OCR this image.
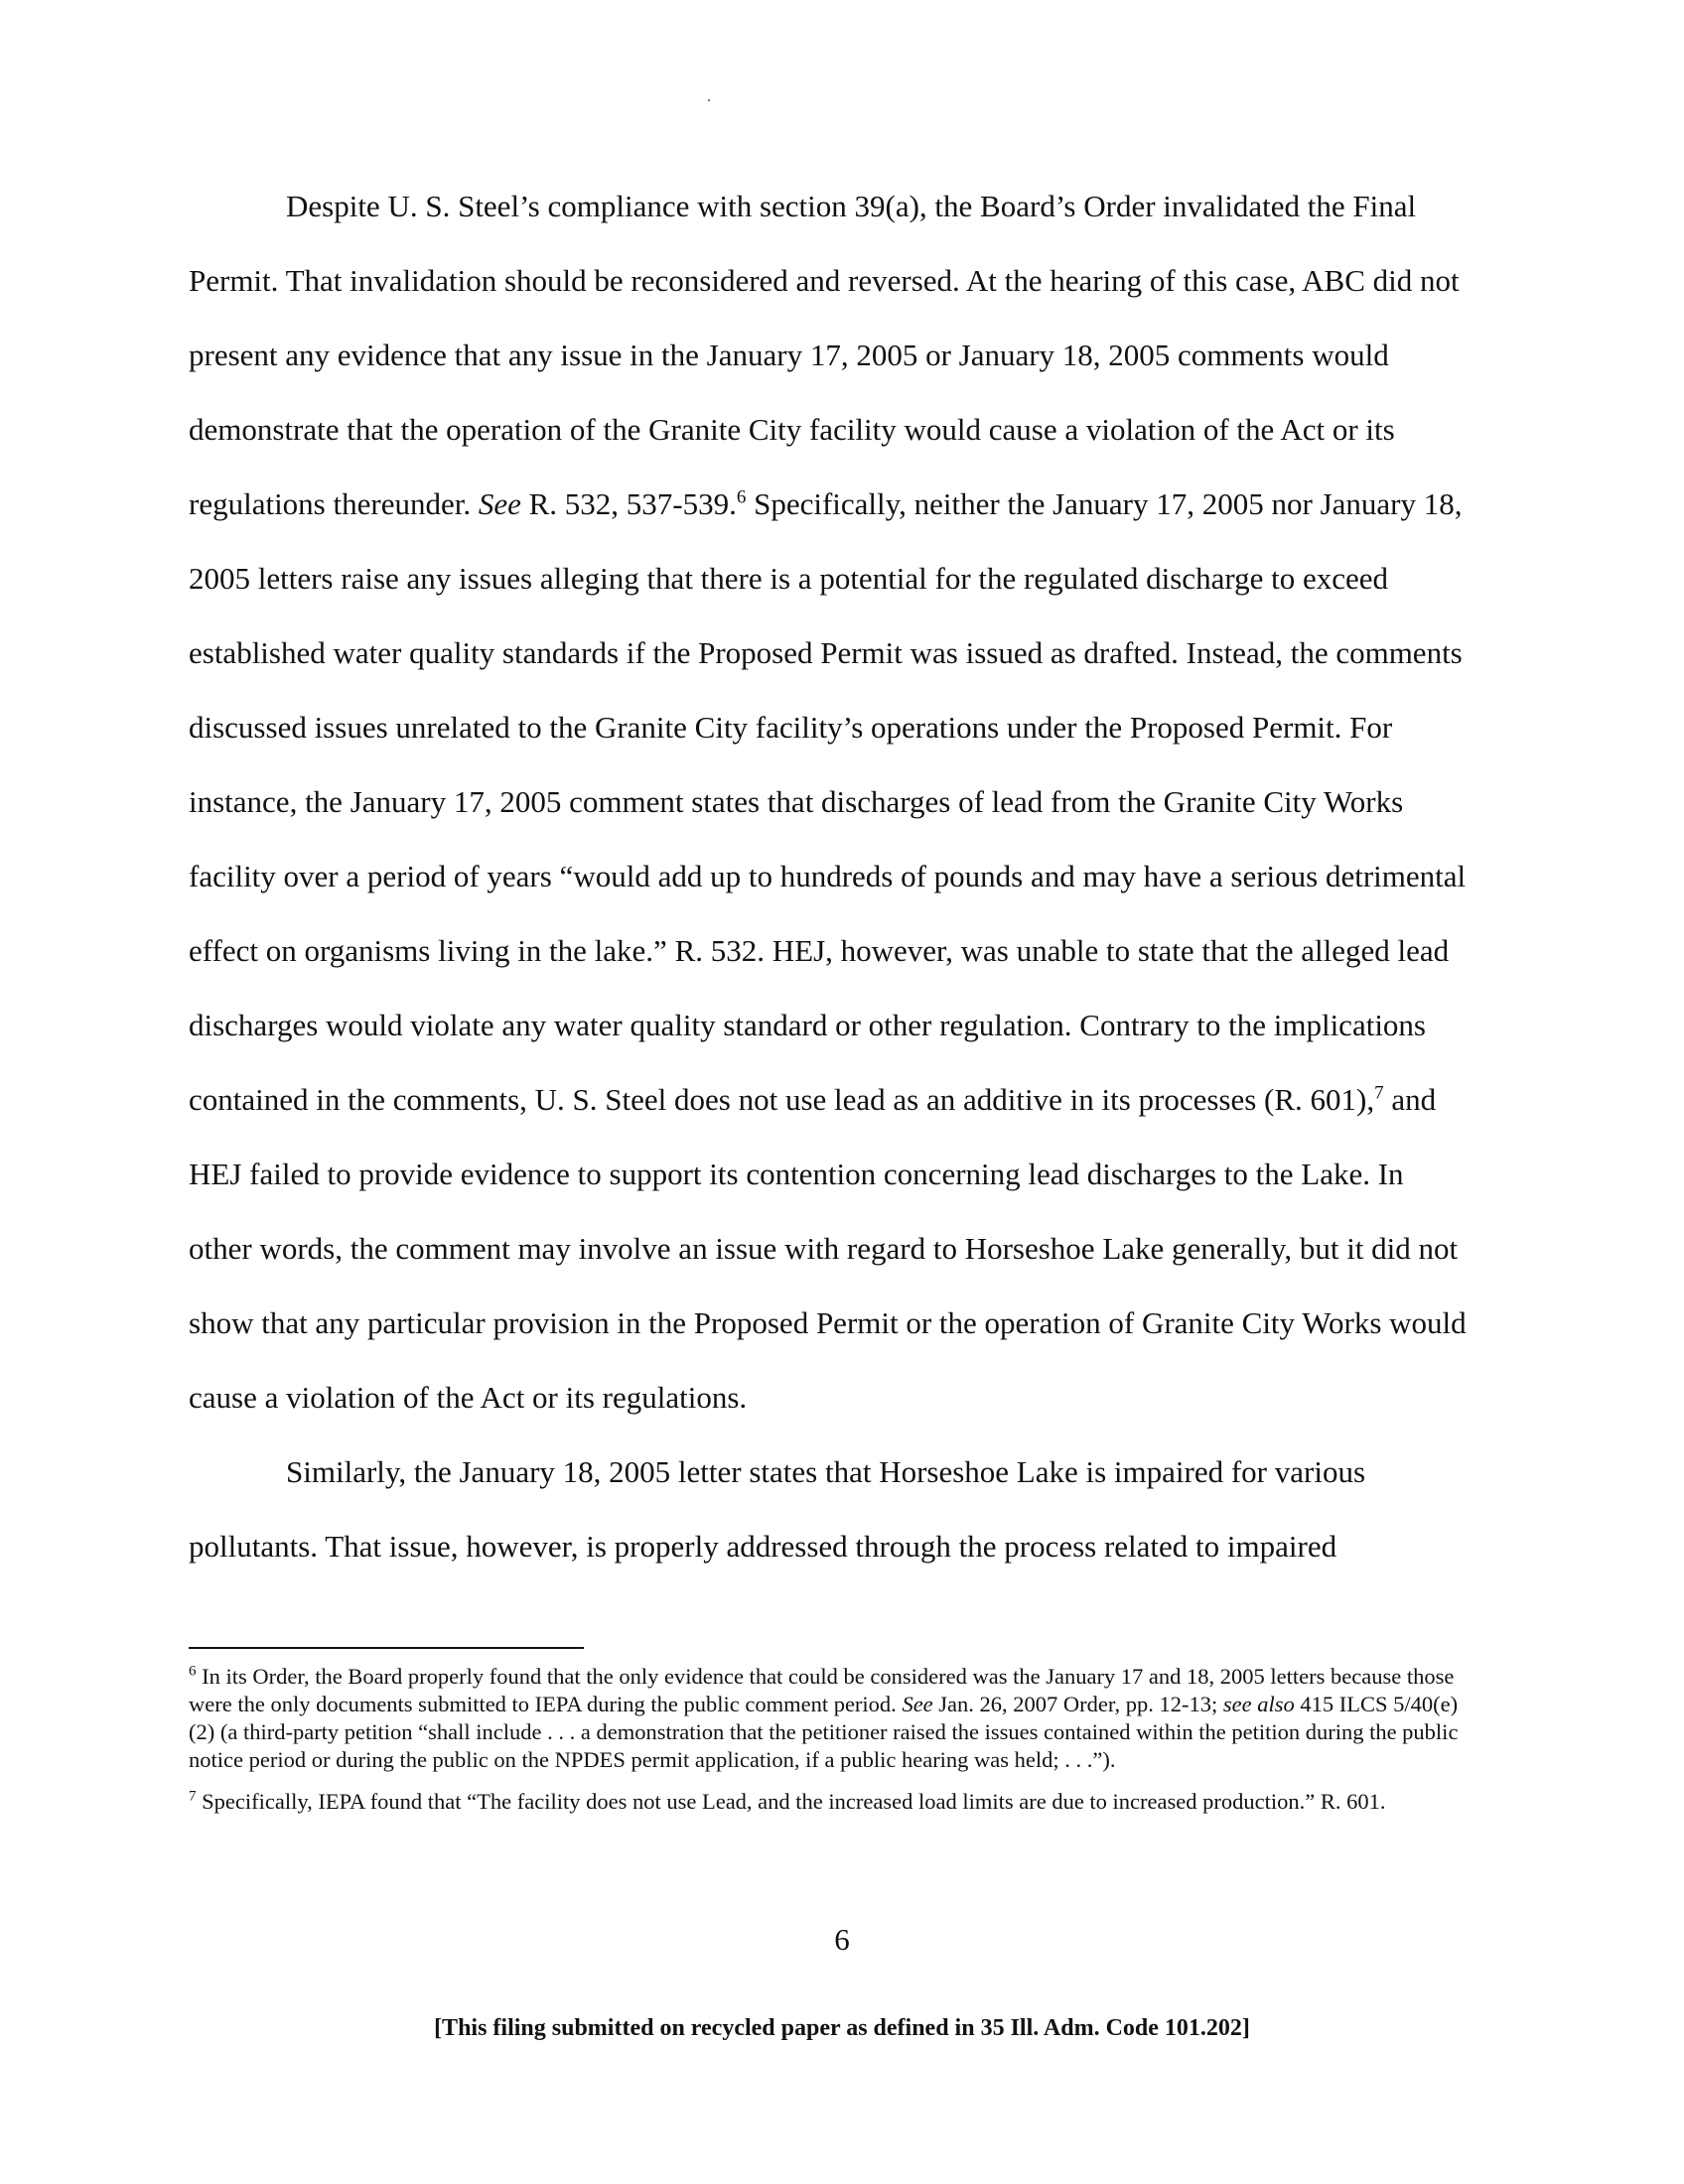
Despite U. S. Steel’s compliance with section 39(a), the Board’s Order invalidated the Final Permit. That invalidation should be reconsidered and reversed. At the hearing of this case, ABC did not present any evidence that any issue in the January 17, 2005 or January 18, 2005 comments would demonstrate that the operation of the Granite City facility would cause a violation of the Act or its regulations thereunder. See R. 532, 537-539.$^6$ Specifically, neither the January 17, 2005 nor January 18, 2005 letters raise any issues alleging that there is a potential for the regulated discharge to exceed established water quality standards if the Proposed Permit was issued as drafted. Instead, the comments discussed issues unrelated to the Granite City facility’s operations under the Proposed Permit. For instance, the January 17, 2005 comment states that discharges of lead from the Granite City Works facility over a period of years “would add up to hundreds of pounds and may have a serious detrimental effect on organisms living in the lake.” R. 532. HEJ, however, was unable to state that the alleged lead discharges would violate any water quality standard or other regulation. Contrary to the implications contained in the comments, U. S. Steel does not use lead as an additive in its processes (R. 601),$^7$ and HEJ failed to provide evidence to support its contention concerning lead discharges to the Lake. In other words, the comment may involve an issue with regard to Horseshoe Lake generally, but it did not show that any particular provision in the Proposed Permit or the operation of Granite City Works would cause a violation of the Act or its regulations.

Similarly, the January 18, 2005 letter states that Horseshoe Lake is impaired for various pollutants. That issue, however, is properly addressed through the process related to impaired

$^6$ In its Order, the Board properly found that the only evidence that could be considered was the January 17 and 18, 2005 letters because those were the only documents submitted to IEPA during the public comment period. See Jan. 26, 2007 Order, pp. 12-13; see also 415 ILCS 5/40(e)(2) (a third-party petition “shall include . . . a demonstration that the petitioner raised the issues contained within the petition during the public notice period or during the public on the NPDES permit application, if a public hearing was held; . . .”).

$^7$ Specifically, IEPA found that “The facility does not use Lead, and the increased load limits are due to increased production.” R. 601.

6
[This filing submitted on recycled paper as defined in 35 Ill. Adm. Code 101.202]
